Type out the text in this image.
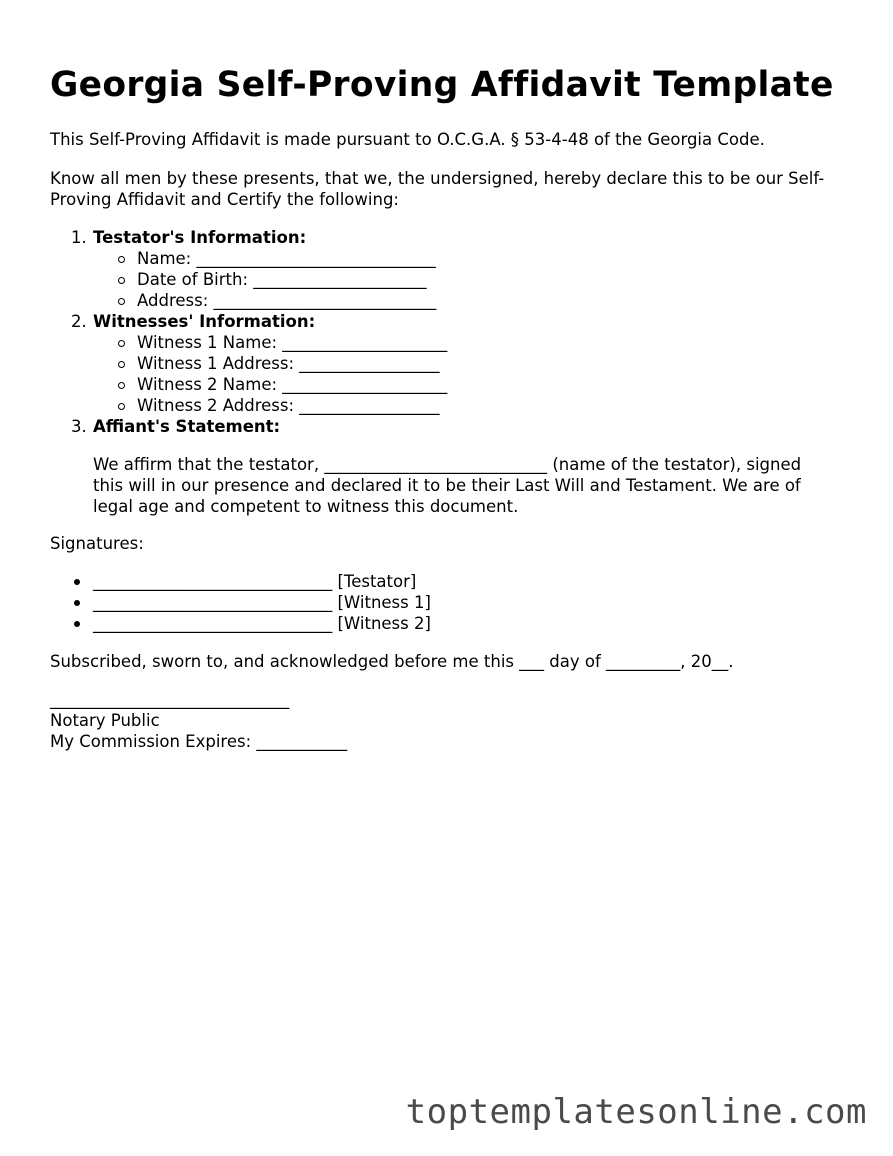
Georgia Self-Proving Affidavit Template

This Self-Proving Affidavit is made pursuant to O.C.G.A. § 53-4-48 of the Georgia Code.

Know all men by these presents, that we, the undersigned, hereby declare this to be our Self-Proving Affidavit and Certify the following:

1. Testator's Information:
Name: _____________________________
Date of Birth: _____________________
Address: ___________________________
2. Witnesses' Information:
Witness 1 Name: ____________________
Witness 1 Address: _________________
Witness 2 Name: ____________________
Witness 2 Address: _________________
3. Affiant's Statement:

We affirm that the testator, ___________________________ (name of the testator), signed this will in our presence and declared it to be their Last Will and Testament. We are of legal age and competent to witness this document.

Signatures:

_____________________________ [Testator]
_____________________________ [Witness 1]
_____________________________ [Witness 2]

Subscribed, sworn to, and acknowledged before me this ___ day of _________, 20__.

_____________________________
Notary Public
My Commission Expires: ___________
toptemplatesonline.com
